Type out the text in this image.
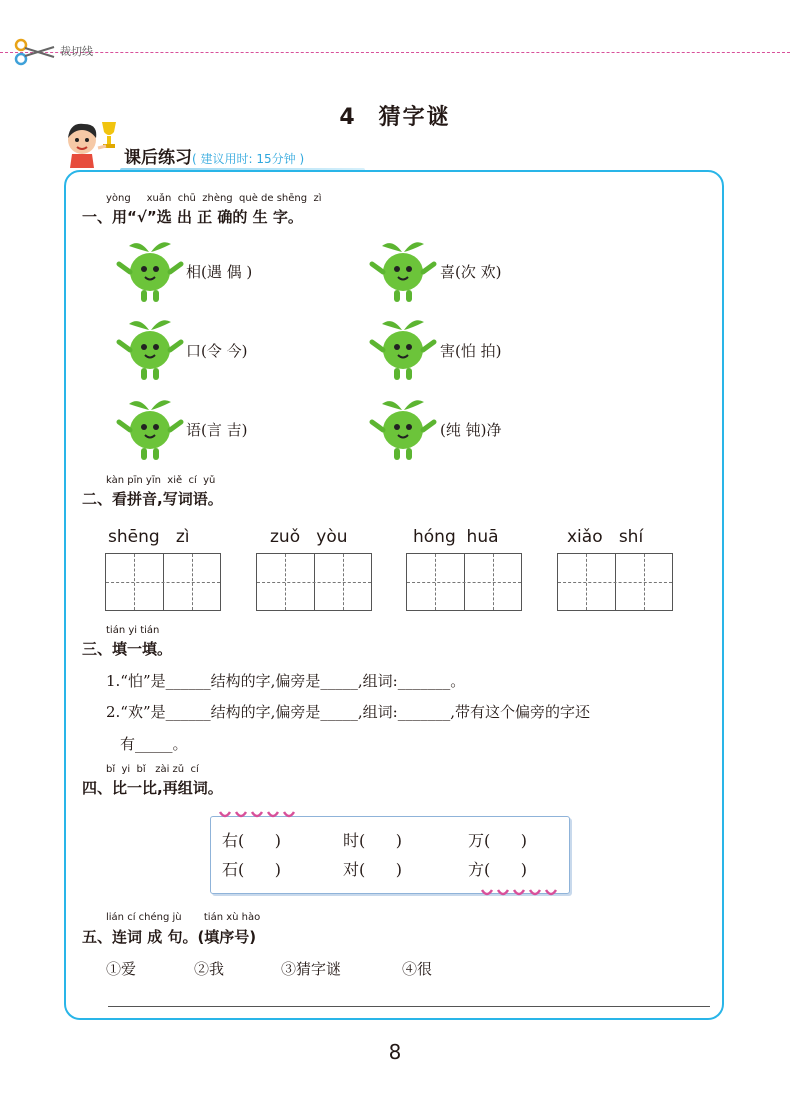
裁切线
4 猜字谜
课后练习( 建议用时: 15分钟 )
yòng     xuǎn  chū  zhèng  què de shēng  zì
一、用“√”选 出 正 确的 生 字。
相(遇 偶 )	喜(次 欢)
口(令 今)	害(怕 拍)
语(言 吉)	(纯 钝)净
kàn pīn yīn  xiě  cí  yǔ
二、看拼音,写词语。
shēng   zì	zuǒ   yòu	hóng  huā	xiǎo   shí
tián yi tián
三、填一填。
1.“怕”是______结构的字,偏旁是_____,组词:_______。
2.“欢”是______结构的字,偏旁是_____,组词:_______,带有这个偏旁的字还
有_____。
bǐ  yi  bǐ   zài zǔ  cí
四、比一比,再组词。
右(      )	时(      )	万(      )
石(      )	对(      )	方(      )
lián cí chéng jù       tián xù hào
五、连词 成 句。(填序号)
①爱	②我	③猜字谜	④很
8
